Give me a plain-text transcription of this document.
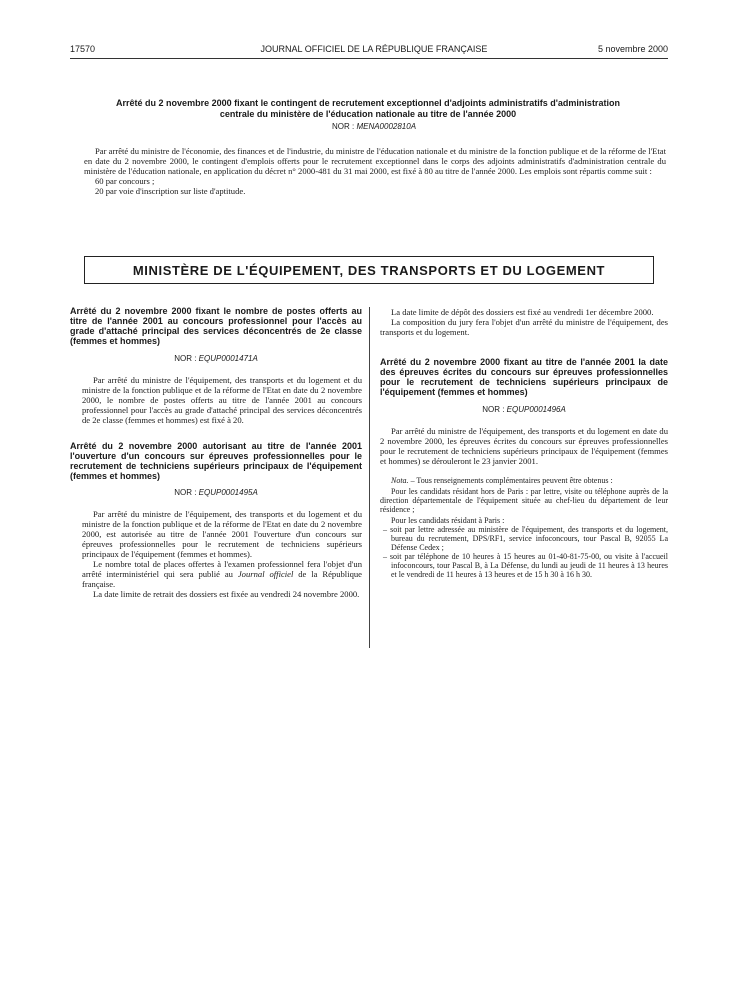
17570	JOURNAL OFFICIEL DE LA RÉPUBLIQUE FRANÇAISE	5 novembre 2000
Arrêté du 2 novembre 2000 fixant le contingent de recrutement exceptionnel d'adjoints administratifs d'administration centrale du ministère de l'éducation nationale au titre de l'année 2000
NOR : MENA0002810A

Par arrêté du ministre de l'économie, des finances et de l'industrie, du ministre de l'éducation nationale et du ministre de la fonction publique et de la réforme de l'Etat en date du 2 novembre 2000, le contingent d'emplois offerts pour le recrutement exceptionnel dans le corps des adjoints administratifs d'administration centrale du ministère de l'éducation nationale, en application du décret n° 2000-481 du 31 mai 2000, est fixé à 80 au titre de l'année 2000. Les emplois sont répartis comme suit :

60 par concours ;

20 par voie d'inscription sur liste d'aptitude.

MINISTÈRE DE L'ÉQUIPEMENT, DES TRANSPORTS ET DU LOGEMENT
Arrêté du 2 novembre 2000 fixant le nombre de postes offerts au titre de l'année 2001 au concours professionnel pour l'accès au grade d'attaché principal des services déconcentrés de 2e classe (femmes et hommes)
NOR : EQUP0001471A

Par arrêté du ministre de l'équipement, des transports et du logement et du ministre de la fonction publique et de la réforme de l'Etat en date du 2 novembre 2000, le nombre de postes offerts au titre de l'année 2001 au concours professionnel pour l'accès au grade d'attaché principal des services déconcentrés de 2e classe (femmes et hommes) est fixé à 20.

Arrêté du 2 novembre 2000 autorisant au titre de l'année 2001 l'ouverture d'un concours sur épreuves professionnelles pour le recrutement de techniciens supérieurs principaux de l'équipement (femmes et hommes)
NOR : EQUP0001495A

Par arrêté du ministre de l'équipement, des transports et du logement et du ministre de la fonction publique et de la réforme de l'Etat en date du 2 novembre 2000, est autorisée au titre de l'année 2001 l'ouverture d'un concours sur épreuves professionnelles pour le recrutement de techniciens supérieurs principaux de l'équipement (femmes et hommes).

Le nombre total de places offertes à l'examen professionnel fera l'objet d'un arrêté interministériel qui sera publié au Journal officiel de la République française.

La date limite de retrait des dossiers est fixée au vendredi 24 novembre 2000.

La date limite de dépôt des dossiers est fixé au vendredi 1er décembre 2000.

La composition du jury fera l'objet d'un arrêté du ministre de l'équipement, des transports et du logement.

Arrêté du 2 novembre 2000 fixant au titre de l'année 2001 la date des épreuves écrites du concours sur épreuves professionnelles pour le recrutement de techniciens supérieurs principaux de l'équipement (femmes et hommes)
NOR : EQUP0001496A

Par arrêté du ministre de l'équipement, des transports et du logement en date du 2 novembre 2000, les épreuves écrites du concours sur épreuves professionnelles pour le recrutement de techniciens supérieurs principaux de l'équipement (femmes et hommes) se dérouleront le 23 janvier 2001.

Nota. – Tous renseignements complémentaires peuvent être obtenus :

Pour les candidats résidant hors de Paris : par lettre, visite ou téléphone auprès de la direction départementale de l'équipement située au chef-lieu du département de leur résidence ;

Pour les candidats résidant à Paris :

– soit par lettre adressée au ministère de l'équipement, des transports et du logement, bureau du recrutement, DPS/RF1, service infoconcours, tour Pascal B, 92055 La Défense Cedex ;

– soit par téléphone de 10 heures à 15 heures au 01-40-81-75-00, ou visite à l'accueil infoconcours, tour Pascal B, à La Défense, du lundi au jeudi de 11 heures à 13 heures et le vendredi de 11 heures à 13 heures et de 15 h 30 à 16 h 30.
